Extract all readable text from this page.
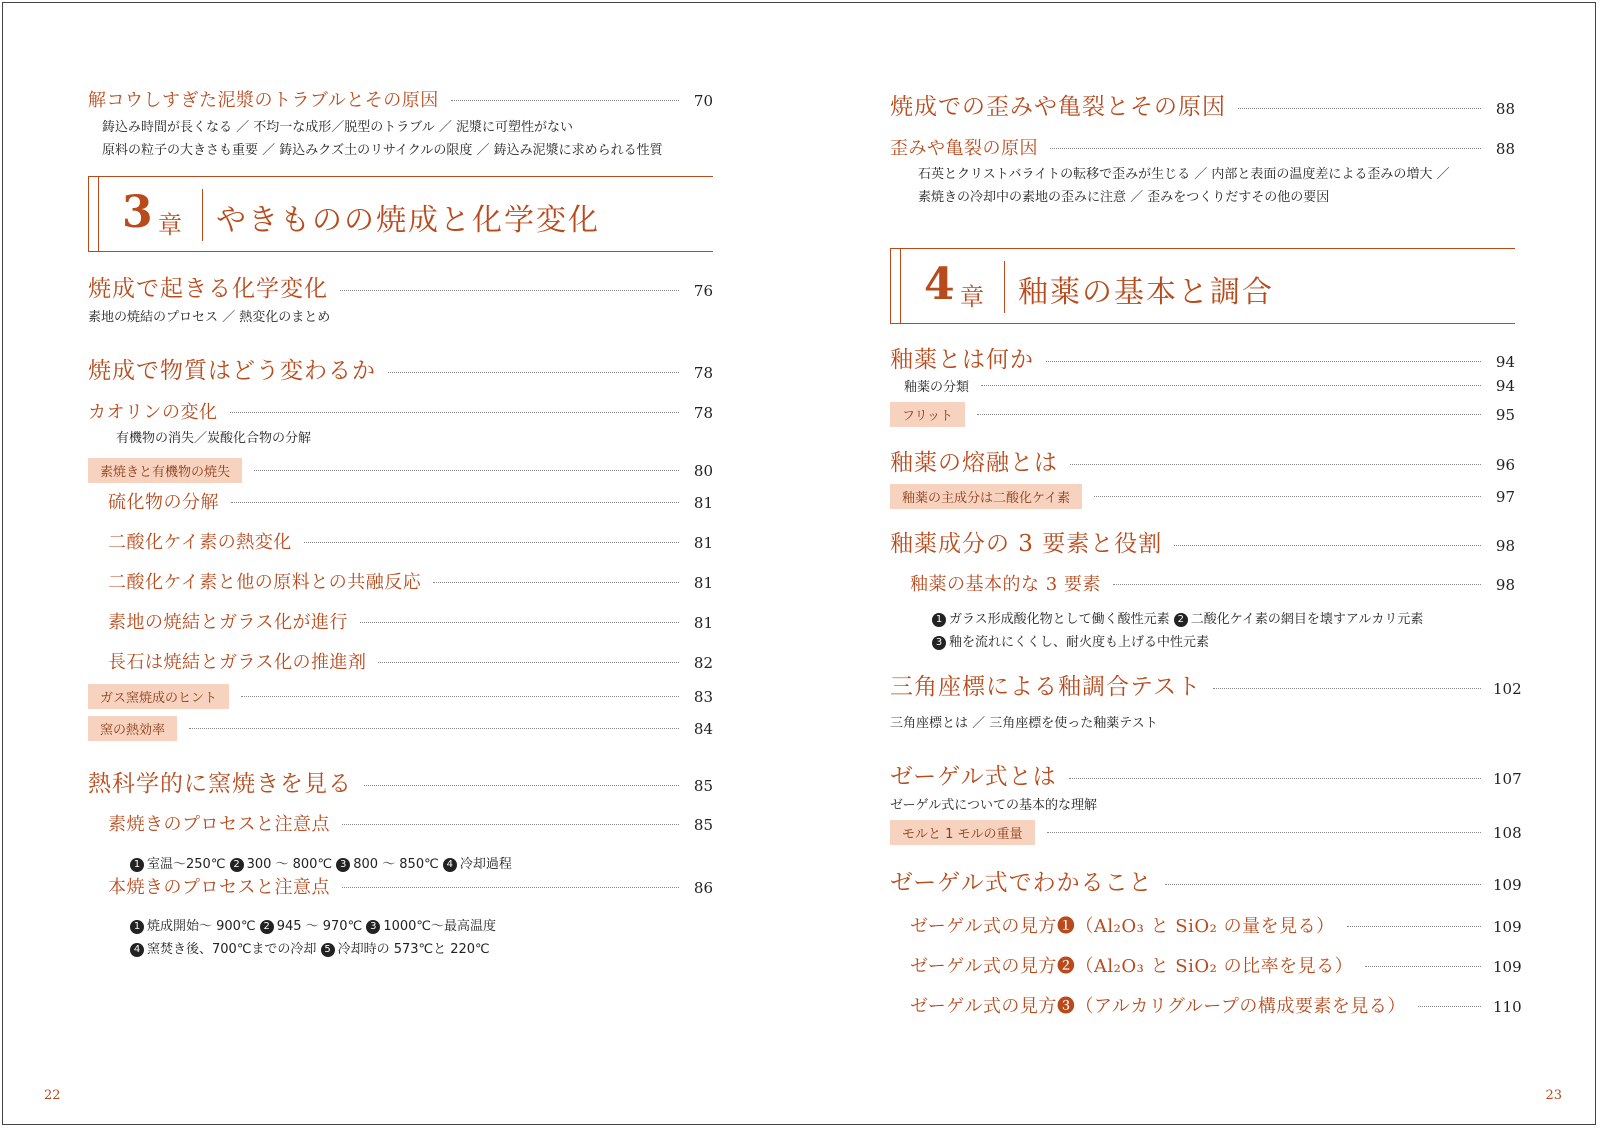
解コウしすぎた泥漿のトラブルとその原因	70
鋳込み時間が長くなる ／ 不均一な成形／脱型のトラブル ／ 泥漿に可塑性がない
原料の粒子の大きさも重要 ／ 鋳込みクズ土のリサイクルの限度 ／ 鋳込み泥漿に求められる性質
3 章 やきものの焼成と化学変化
焼成で起きる化学変化	76
素地の焼結のプロセス ／ 熱変化のまとめ
焼成で物質はどう変わるか	78
カオリンの変化	78
有機物の消失／炭酸化合物の分解
素焼きと有機物の焼失	80
硫化物の分解	81
二酸化ケイ素の熱変化	81
二酸化ケイ素と他の原料との共融反応	81
素地の焼結とガラス化が進行	81
長石は焼結とガラス化の推進剤	82
ガス窯焼成のヒント	83
窯の熱効率	84
熱科学的に窯焼きを見る	85
素焼きのプロセスと注意点	85
1 室温～250℃ 2 300 ～ 800℃ 3 800 ～ 850℃ 4 冷却過程
本焼きのプロセスと注意点	86
1 焼成開始～ 900℃ 2 945 ～ 970℃ 3 1000℃～最高温度
4 窯焚き後、700℃までの冷却 5 冷却時の 573℃と 220℃
22
焼成での歪みや亀裂とその原因	88
歪みや亀裂の原因	88
石英とクリストバライトの転移で歪みが生じる ／ 内部と表面の温度差による歪みの増大 ／
素焼きの冷却中の素地の歪みに注意 ／ 歪みをつくりだすその他の要因
4 章 釉薬の基本と調合
釉薬とは何か	94
釉薬の分類	94
フリット	95
釉薬の熔融とは	96
釉薬の主成分は二酸化ケイ素	97
釉薬成分の 3 要素と役割	98
釉薬の基本的な 3 要素	98
1 ガラス形成酸化物として働く酸性元素 2 二酸化ケイ素の網目を壊すアルカリ元素
3 釉を流れにくくし、耐火度も上げる中性元素
三角座標による釉調合テスト	102
三角座標とは ／ 三角座標を使った釉薬テスト
ゼーゲル式とは	107
ゼーゲル式についての基本的な理解
モルと 1 モルの重量	108
ゼーゲル式でわかること	109
ゼーゲル式の見方❶（Al₂O₃ と SiO₂ の量を見る）	109
ゼーゲル式の見方❷（Al₂O₃ と SiO₂ の比率を見る）	109
ゼーゲル式の見方❸（アルカリグループの構成要素を見る）	110
23
